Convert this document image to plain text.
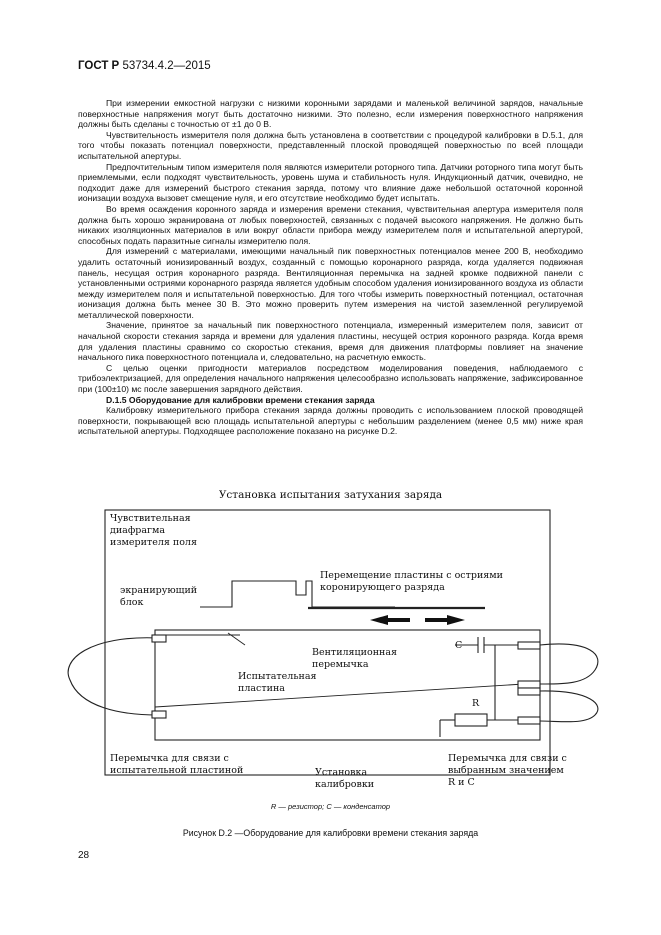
ГОСТ Р 53734.4.2—2015

При измерении емкостной нагрузки с низкими коронными зарядами и маленькой величиной зарядов, начальные поверхностные напряжения могут быть достаточно низкими. Это полезно, если измерения поверхностного напряжения должны быть сделаны с точностью от ±1 до 0 В.

Чувствительность измерителя поля должна быть установлена в соответствии с процедурой калибровки в D.5.1, для того чтобы показать потенциал поверхности, представленный плоской проводящей поверхностью по всей площади испытательной апертуры.

Предпочтительным типом измерителя поля являются измерители роторного типа. Датчики роторного типа могут быть приемлемыми, если подходят чувствительность, уровень шума и стабильность нуля. Индукционный датчик, очевидно, не подходит даже для измерений быстрого стекания заряда, потому что влияние даже небольшой остаточной коронной ионизации воздуха вызовет смещение нуля, и его отсутствие необходимо будет испытать.

Во время осаждения коронного заряда и измерения времени стекания, чувствительная апертура измерителя поля должна быть хорошо экранирована от любых поверхностей, связанных с подачей высокого напряжения. Не должно быть никаких изоляционных материалов в или вокруг области прибора между измерителем поля и испытательной апертурой, способных подать паразитные сигналы измерителю поля.

Для измерений с материалами, имеющими начальный пик поверхностных потенциалов менее 200 В, необходимо удалить остаточный ионизированный воздух, созданный с помощью коронарного разряда, когда удаляется подвижная панель, несущая острия коронарного разряда. Вентиляционная перемычка на задней кромке подвижной панели с установленными остриями коронарного разряда является удобным способом удаления ионизированного воздуха из области между измерителем поля и испытательной поверхностью. Для того чтобы измерить поверхностный потенциал, остаточная ионизация должна быть менее 30 В. Это можно проверить путем измерения на чистой заземленной регулируемой металлической поверхности.

Значение, принятое за начальный пик поверхностного потенциала, измеренный измерителем поля, зависит от начальной скорости стекания заряда и времени для удаления пластины, несущей острия коронного разряда. Когда время для удаления пластины сравнимо со скоростью стекания, время для движения платформы повлияет на значение начального пика поверхностного потенциала и, следовательно, на расчетную емкость.

С целью оценки пригодности материалов посредством моделирования поведения, наблюдаемого с трибоэлектризацией, для определения начального напряжения целесообразно использовать напряжение, зафиксированное при (100±10) мс после завершения зарядного действия.

D.1.5 Оборудование для калибровки времени стекания заряда

Калибровку измерительного прибора стекания заряда должны проводить с использованием плоской проводящей поверхности, покрывающей всю площадь испытательной апертуры с небольшим разделением (менее 0,5 мм) ниже края испытательной апертуры. Подходящее расположение показано на рисунке D.2.

Установка испытания затухания заряда
Чувствительная
диафрагма
измерителя поля
экранирующий
блок
Перемещение пластины с остриями
коронирующего разряда
Вентиляционная
перемычка
Испытательная
пластина
C
R
Перемычка для связи с
испытательной пластиной	Установка
калибровки
Перемычка для связи с
выбранным значением
R и C
R — резистор; C — конденсатор
Рисунок D.2 —Оборудование для калибровки времени стекания заряда
28
